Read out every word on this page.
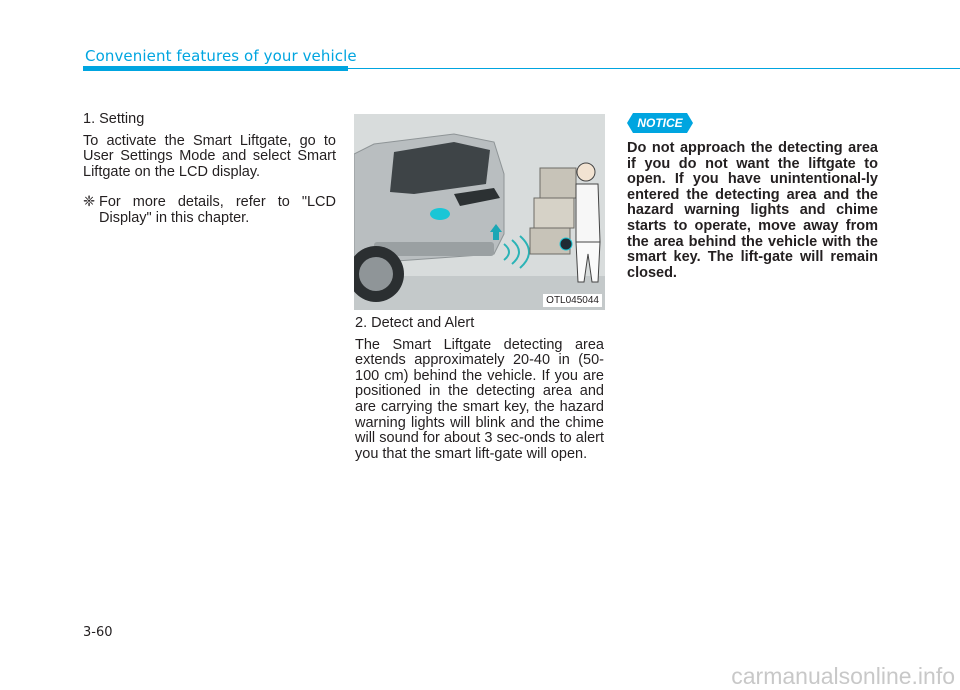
Convenient features of your vehicle

1. Setting

To activate the Smart Liftgate, go to User Settings Mode and select Smart Liftgate on the LCD display.

❈ For more details, refer to "LCD Display" in this chapter.

OTL045044

2. Detect and Alert

The Smart Liftgate detecting area extends approximately 20-40 in (50-100 cm) behind the vehicle. If you are positioned in the detecting area and are carrying the smart key, the hazard warning lights will blink and the chime will sound for about 3 sec-onds to alert you that the smart lift-gate will open.

NOTICE

Do not approach the detecting area if you do not want the liftgate to open. If you have unintentional-ly entered the detecting area and the hazard warning lights and chime starts to operate, move away from the area behind the vehicle with the smart key. The lift-gate will remain closed.

3-60
carmanualsonline.info
